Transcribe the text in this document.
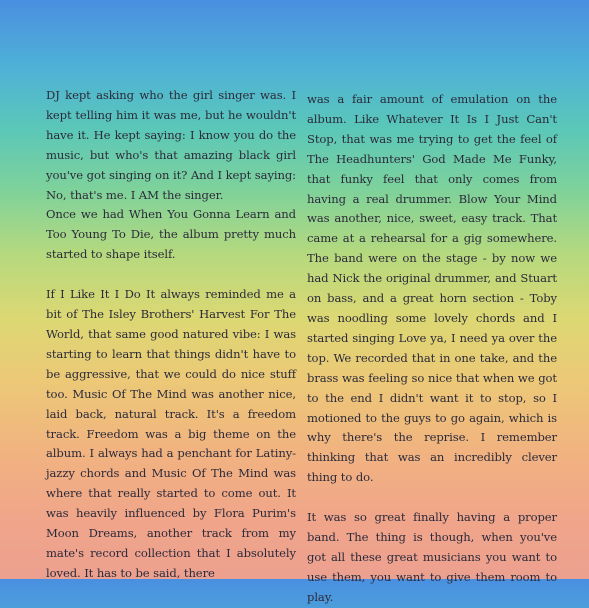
DJ kept asking who the girl singer was. I kept telling him it was me, but he wouldn't have it. He kept saying: I know you do the music, but who's that amazing black girl you've got singing on it? And I kept saying: No, that's me. I AM the singer.

Once we had When You Gonna Learn and Too Young To Die, the album pretty much started to shape itself.

If I Like It I Do It always reminded me a bit of The Isley Brothers' Harvest For The World, that same good natured vibe: I was starting to learn that things didn't have to be aggressive, that we could do nice stuff too. Music Of The Mind was another nice, laid back, natural track. It's a freedom track. Freedom was a big theme on the album. I always had a penchant for Latiny-jazzy chords and Music Of The Mind was where that really started to come out. It was heavily influenced by Flora Purim's Moon Dreams, another track from my mate's record collection that I absolutely loved. It has to be said, there

was a fair amount of emulation on the album. Like Whatever It Is I Just Can't Stop, that was me trying to get the feel of The Headhunters' God Made Me Funky, that funky feel that only comes from having a real drummer. Blow Your Mind was another, nice, sweet, easy track. That came at a rehearsal for a gig somewhere. The band were on the stage - by now we had Nick the original drummer, and Stuart on bass, and a great horn section - Toby was noodling some lovely chords and I started singing Love ya, I need ya over the top. We recorded that in one take, and the brass was feeling so nice that when we got to the end I didn't want it to stop, so I motioned to the guys to go again, which is why there's the reprise. I remember thinking that was an incredibly clever thing to do.

It was so great finally having a proper band. The thing is though, when you've got all these great musicians you want to use them, you want to give them room to play.
